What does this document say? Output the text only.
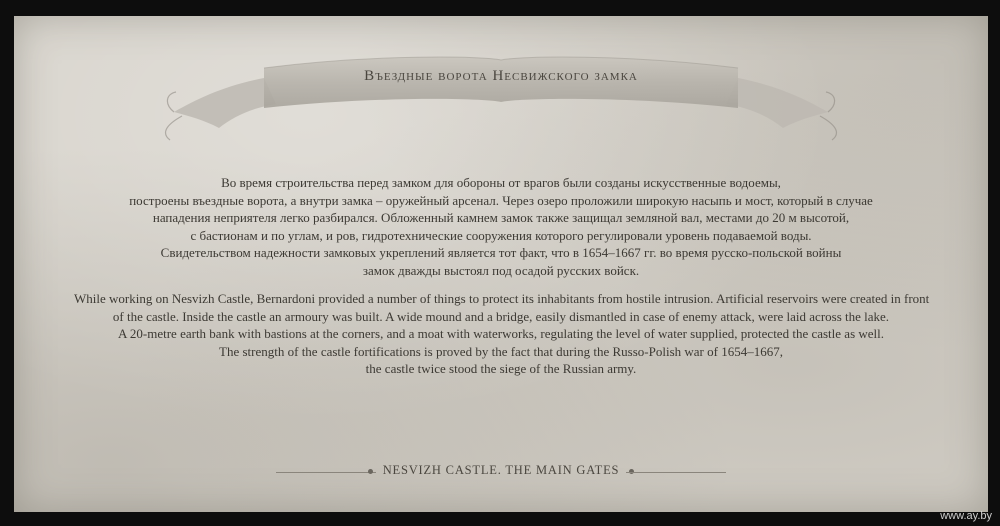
Въездные ворота Несвижского замка
Во время строительства перед замком для обороны от врагов были созданы искусственные водоемы,
построены въездные ворота, а внутри замка – оружейный арсенал. Через озеро проложили широкую насыпь и мост, который в случае
нападения неприятеля легко разбирался. Обложенный камнем замок также защищал земляной вал, местами до 20 м высотой,
с бастионам и по углам, и ров, гидротехнические сооружения которого регулировали уровень подаваемой воды.
Свидетельством надежности замковых укреплений является тот факт, что в 1654–1667 гг. во время русско-польской войны
замок дважды выстоял под осадой русских войск.
While working on Nesvizh Castle, Bernardoni provided a number of things to protect its inhabitants from hostile intrusion. Artificial reservoirs were created in front
of the castle. Inside the castle an armoury was built. A wide mound and a bridge, easily dismantled in case of enemy attack, were laid across the lake.
A 20-metre earth bank with bastions at the corners, and a moat with waterworks, regulating the level of water supplied, protected the castle as well.
The strength of the castle fortifications is proved by the fact that during the Russo-Polish war of 1654–1667,
the castle twice stood the siege of the Russian army.
NESVIZH CASTLE. THE MAIN GATES
www.ay.by
